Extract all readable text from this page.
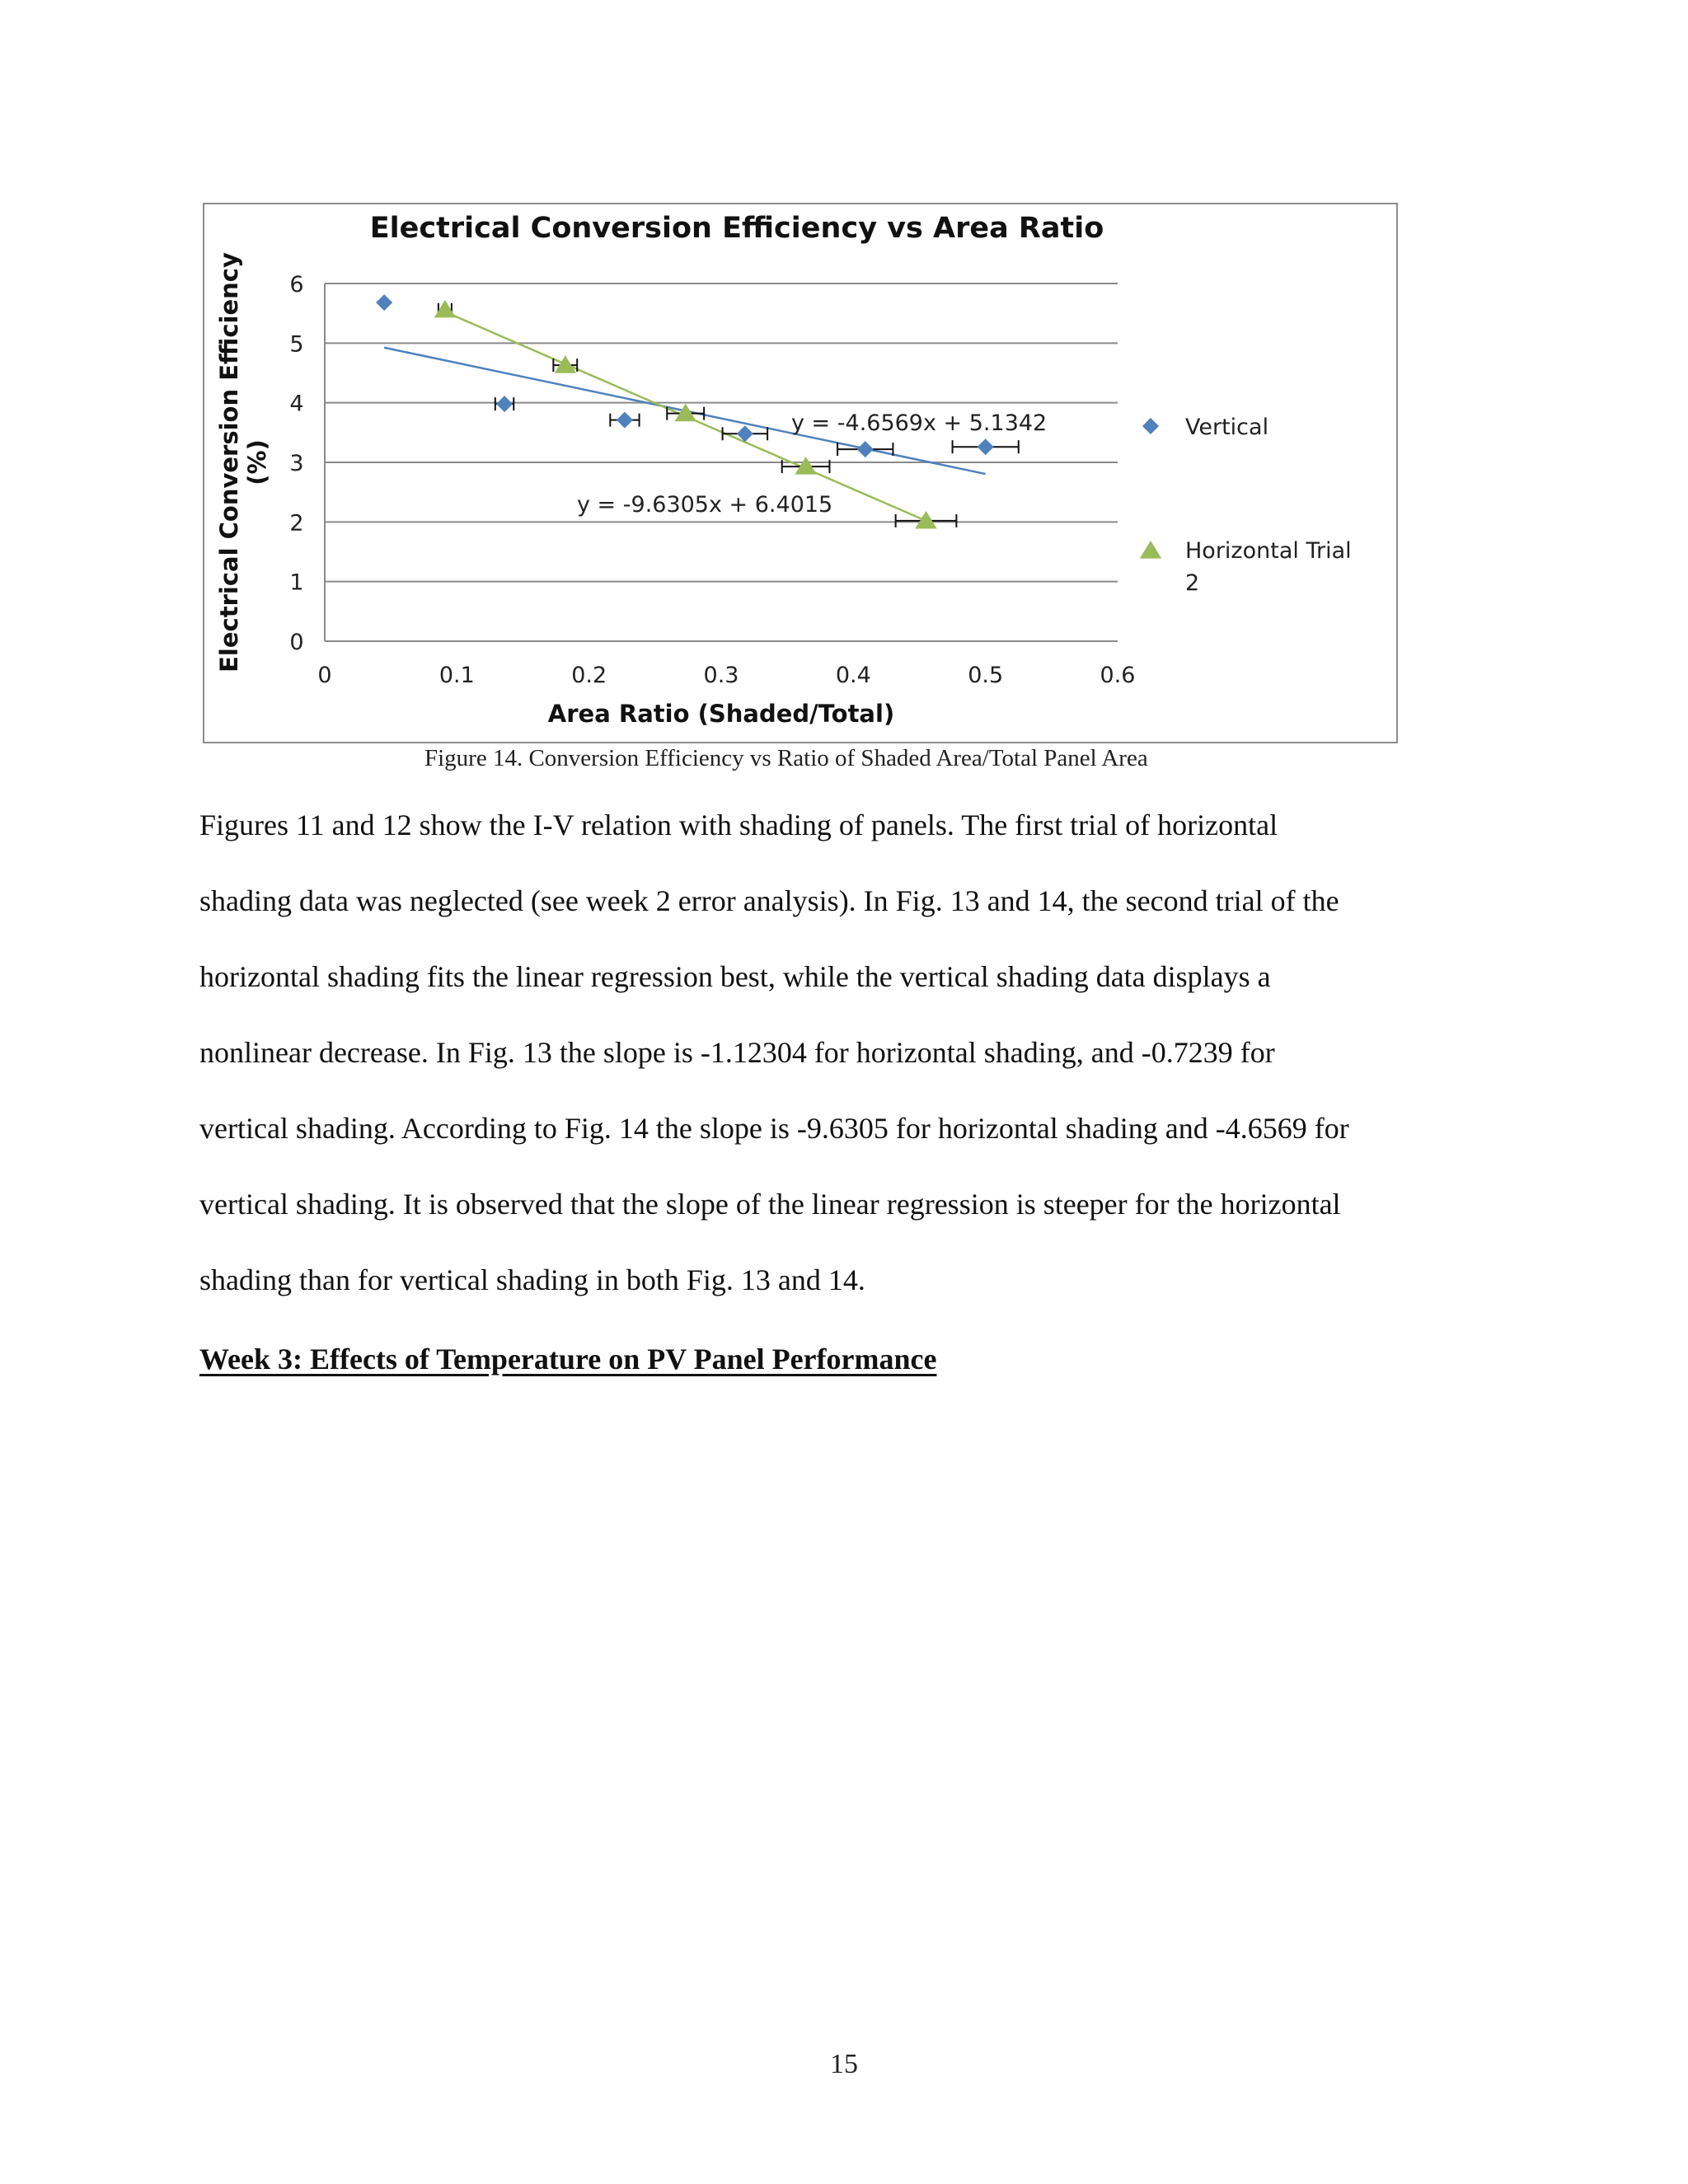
Electrical Conversion Efficiency vs Area Ratio
0
1
2
3
4
5
6
0	0.1	0.2	0.3	0.4	0.5	0.6
Area Ratio (Shaded/Total)
Electrical Conversion Efficiency (%)
y = -4.6569x + 5.1342
y = -9.6305x + 6.4015
Vertical
Horizontal Trial
2
Figure 14. Conversion Efficiency vs Ratio of Shaded Area/Total Panel Area
Figures 11 and 12 show the I-V relation with shading of panels. The first trial of horizontal
shading data was neglected (see week 2 error analysis). In Fig. 13 and 14, the second trial of the
horizontal shading fits the linear regression best, while the vertical shading data displays a
nonlinear decrease. In Fig. 13 the slope is -1.12304 for horizontal shading, and -0.7239 for
vertical shading. According to Fig. 14 the slope is -9.6305 for horizontal shading and -4.6569 for
vertical shading. It is observed that the slope of the linear regression is steeper for the horizontal
shading than for vertical shading in both Fig. 13 and 14.
Week 3: Effects of Temperature on PV Panel Performance
15
